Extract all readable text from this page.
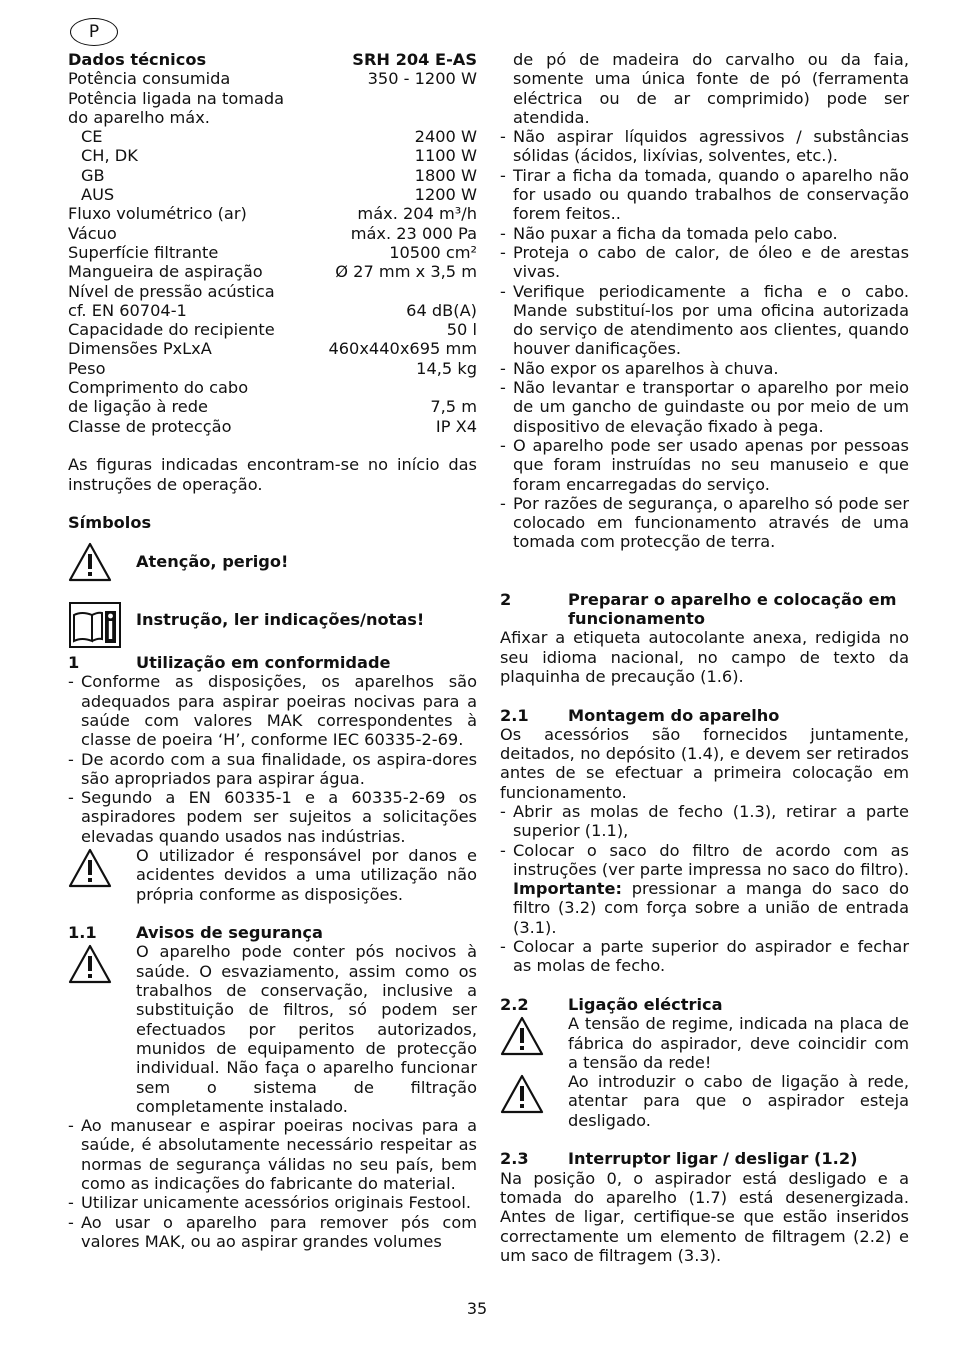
P
Dados técnicos	SRH 204 E-AS
Potência consumida	350 - 1200 W
Potência ligada na tomada
do aparelho máx.
CE	2400 W
CH, DK	1100 W
GB	1800 W
AUS	1200 W
Fluxo volumétrico (ar)	máx. 204 m³/h
Vácuo	máx. 23 000 Pa
Superfície filtrante	10500 cm²
Mangueira de aspiração	Ø 27 mm x 3,5 m
Nível de pressão acústica
cf. EN 60704-1	64 dB(A)
Capacidade do recipiente	50 l
Dimensões PxLxA	460x440x695 mm
Peso	14,5 kg
Comprimento do cabo
de ligação à rede	7,5 m
Classe de protecção	IP X4

As figuras indicadas encontram-se no início das instruções de operação.

Símbolos
Atenção, perigo!
Instrução, ler indicações/notas!
1	Utilização em conformidade
- Conforme as disposições, os aparelhos são adequados para aspirar poeiras nocivas para a saúde com valores MAK correspondentes à classe de poeira ‘H’, conforme IEC 60335-2-69.
- De acordo com a sua finalidade, os aspira-dores são apropriados para aspirar água.
- Segundo a EN 60335-1 e a 60335-2-69 os aspiradores podem ser sujeitos a solicitações elevadas quando usados nas indústrias.
O utilizador é responsável por danos e acidentes devidos a uma utilização não própria conforme as disposições.
1.1	Avisos de segurança
O aparelho pode conter pós nocivos à saúde. O esvaziamento, assim como os trabalhos de conservação, inclusive a substituição de filtros, só podem ser efectuados por peritos autorizados, munidos de equipamento de protecção individual. Não faça o aparelho funcionar sem o sistema de filtração completamente instalado.
- Ao manusear e aspirar poeiras nocivas para a saúde, é absolutamente necessário respeitar as normas de segurança válidas no seu país, bem como as indicações do fabricante do material.
- Utilizar unicamente acessórios originais Festool.
- Ao usar o aparelho para remover pós com valores MAK, ou ao aspirar grandes volumes

de pó de madeira do carvalho ou da faia, somente uma única fonte de pó (ferramenta eléctrica ou de ar comprimido) pode ser atendida.

- Não aspirar líquidos agressivos / substâncias sólidas (ácidos, lixívias, solventes, etc.).
- Tirar a ficha da tomada, quando o aparelho não for usado ou quando trabalhos de conservação forem feitos..
- Não puxar a ficha da tomada pelo cabo.
- Proteja o cabo de calor, de óleo e de arestas vivas.
- Verifique periodicamente a ficha e o cabo. Mande substituí-los por uma oficina autorizada do serviço de atendimento aos clientes, quando houver danificações.
- Não expor os aparelhos à chuva.
- Não levantar e transportar o aparelho por meio de um gancho de guindaste ou por meio de um dispositivo de elevação fixado à pega.
- O aparelho pode ser usado apenas por pessoas que foram instruídas no seu manuseio e que foram encarregadas do serviço.
- Por razões de segurança, o aparelho só pode ser colocado em funcionamento através de uma tomada com protecção de terra.
2	Preparar o aparelho e colocação em funcionamento

Afixar a etiqueta autocolante anexa, redigida no seu idioma nacional, no campo de texto da plaquinha de precaução (1.6).

2.1	Montagem do aparelho

Os acessórios são fornecidos juntamente, deitados, no depósito (1.4), e devem ser retirados antes de se efectuar a primeira colocação em funcionamento.

- Abrir as molas de fecho (1.3), retirar a parte superior (1.1),
- Colocar o saco do filtro de acordo com as instruções (ver parte impressa no saco do filtro). Importante: pressionar a manga do saco do filtro (3.2) com força sobre a união de entrada (3.1).
- Colocar a parte superior do aspirador e fechar as molas de fecho.
2.2	Ligação eléctrica
A tensão de regime, indicada na placa de fábrica do aspirador, deve coincidir com a tensão da rede!
Ao introduzir o cabo de ligação à rede, atentar para que o aspirador esteja desligado.
2.3	Interruptor ligar / desligar (1.2)

Na posição 0, o aspirador está desligado e a tomada do aparelho (1.7) está desenergizada. Antes de ligar, certifique-se que estão inseridos correctamente um elemento de filtragem (2.2) e um saco de filtragem (3.3).

35
